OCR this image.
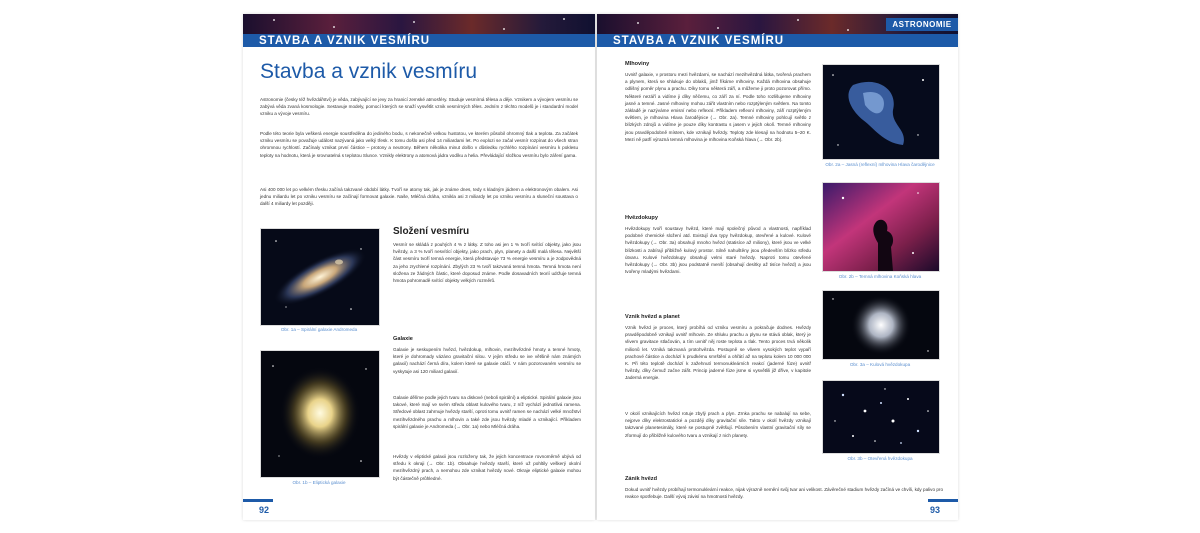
STAVBA A VZNIK VESMÍRU
Stavba a vznik vesmíru

Astronomie (česky též hvězdářství) je věda, zabývající se jevy za hranicí zemské atmosféry. Studuje vesmírná tělesa a děje. Vznikem a vývojem vesmíru se zabývá věda zvaná kosmologie. Sestavuje modely, pomocí kterých se snaží vysvětlit vznik vesmírných těles. Jedním z těchto modelů je i standardní model vzniku a vývoje vesmíru.

Podle této teorie byla veškerá energie soustředěna do jediného bodu, s nekonečně velkou hustotou, ve kterém působil ohromný tlak a teplota. Za začátek vzniku vesmíru se považuje událost nazývaná jako velký třesk. K tomu došlo asi před 14 miliardami let. Po explozi se začal vesmír rozpínat do všech stran ohromnou rychlostí. Začínaly vznikat první částice – protony a neutrony. Během několika minut došlo v důsledku rychlého rozpínání vesmíru k poklesu teploty na hodnotu, která je srovnatelná s teplotou Slunce. Vznikly elektrony a atomová jádra vodíku a helia. Převládající složkou vesmíru bylo záření gama.

Asi 400 000 let po velkém třesku začíná takzvané období látky. Tvoří se atomy tak, jak je známe dnes, tedy s kladným jádrem a elektronovým obalem. Asi jednu miliardu let po vzniku vesmíru se začínají formovat galaxie. Naše, Mléčná dráha, vznikla asi 3 miliardy let po vzniku vesmíru a sluneční soustava o další 4 miliardy let později.

Obr. 1a – Spirální galaxie Andromeda
Obr. 1b – Eliptická galaxie
Složení vesmíru

Vesmír se skládá z pouhých 4 % z látky. Z toho asi jen 1 % tvoří svítící objekty, jako jsou hvězdy, a 3 % tvoří nesvítící objekty, jako prach, plyn, planety a další malá tělesa. Největší část vesmíru tvoří temná energie, která představuje 73 % energie vesmíru a je zodpovědná za jeho zrychlené rozpínání. Zbylých 23 % tvoří takzvaná temná hmota. Temná hmota není složena ze žádných částic, které doposud známe. Podle dosavadních teorií udržuje temná hmota pohromadě svítící objekty velkých rozměrů.

Galaxie

Galaxie je seskupením hvězd, hvězdokup, mlhovin, mezihvězdné hmoty a temné hmoty, které je dohromady vázáno gravitační silou. V jejím středu se ive většině nám známých galaxií) nachází černá díra, kolem které se galaxie otáčí. V nám pozorovaném vesmíru se vyskytuje asi 120 miliard galaxií.

Galaxie dělíme podle jejich tvaru na diskové (neboli spirální) a eliptické. Spirální galaxie jsou takové, které mají ve svém středu oblast kulového tvaru, z níž vychází jednotlivá ramena. Středové oblast zahrnuje hvězdy starší, oproti tomu uvnitř ramen se nachází velké množství mezihvězdného prachu a mlhovin a také zde jsou hvězdy mladé a vznikající. Příkladem spirální galaxie je Andromeda (→ Obr. 1a) nebo Mléčná dráha.

Hvězdy v eliptické galaxii jsou rozloženy tak, že jejich koncentrace rovnoměrně ubývá od středu k okraji (→ Obr. 1b). Obsahuje hvězdy starší, které už pohltily veškerý okolní mezihvězdný prach, a nemohou zde vznikat hvězdy nové. Okraje eliptické galaxie mohou být částečně průhledné.

92
ASTRONOMIE
STAVBA A VZNIK VESMÍRU
Mlhoviny

Uvnitř galaxie, v prostoru mezi hvězdami, se nachází mezihvězdná látka, tvořená prachem a plynem, která se shlukuje do oblaků, jimž říkáme mlhoviny. Každá mlhovina obsahuje odlišný poměr plynu a prachu. Díky tomu některá září, a můžeme ji proto pozorovat přímo. Některé nezáří a vidíme ji díky něčemu, co září za ní. Podle toho rozlišujeme mlhoviny jasné a temné. Jasné mlhoviny mohou zářit vlastním nebo rozptýleným světlem. Na tomto základě je nazýváme emisní nebo reflexní. Příkladem reflexní mlhoviny, září rozptýleným světlem, je mlhovina Hlava čarodějnice (→ Obr. 2a). Temné mlhoviny pohlcují světlo z blízkých zdrojů a vidíme je pouze díky kontrastu s jasem v jejich okolí. Temné mlhoviny jsou pravděpodobně místem, kde vznikají hvězdy. Teploty zde klesají na hodnotu 5–20 K. Mezi ně patří výrazná temná mlhovina je mlhovina Koňská hlava (→ Obr. 2b).

Hvězdokupy

Hvězdokupy tvoří soustavy hvězd, které mají společný původ a vlastnosti, například podobné chemické složení atd. Existují dva typy hvězdokup, otevřené a kulové. Kulové hvězdokupy (→ Obr. 3a) obsahují mnoho hvězd (statisíce až miliony), které jsou ve velké blízkosti a zabírají přibližně kulový prostor. Silně nahuštěny jsou především blízko středu útvaru. Kulové hvězdokupy obsahují velmi staré hvězdy. Naproti tomu otevřené hvězdokupy (→ Obr. 3b) jsou podstatně menší (obsahují desítky až tisíce hvězd) a jsou tvořeny mladými hvězdami.

Vznik hvězd a planet

Vznik hvězd je proces, který probíhá od vzniku vesmíru a pokračuje dodnes. Hvězdy pravděpodobně vznikají uvnitř mlhovin. Ze shluku prachu a plynu se stává oblak, který je vlivem gravitace stlačován, a tím uvnitř něj roste teplota a tlak. Tento proces trvá několik milionů let. Vzniká takzvaná protohvězda. Postupně se vlivem vysokých teplot vypaří prachové částice a dochází k prudkému smrštění a ohřátí až na teplotu kolem 10 000 000 K. Při této teplotě dochází k zažehnutí termonukleárních reakcí (jaderné fúze) uvnitř hvězdy, díky čemuž začne zářit. Princip jaderné fúze jsme si vysvětlili již dříve, v kapitole Jaderná energie.

V okolí vznikajících hvězd rotuje zbylý prach a plyn. Zrnka prachu se nabalují na sebe, nejprve díky elektrostatické a později díky gravitační síle. Takto v okolí hvězdy vznikají takzvané planetesimály, které se postupně zvětšují. Působením vlastní gravitační síly se zformují do přibližně kulového tvaru a vznikají z nich planety.

Zánik hvězd

Dokud uvnitř hvězdy probíhají termonukleární reakce, nijak výrazně nemění svůj tvar ani velikost. Závěrečné stadium hvězdy začíná ve chvíli, kdy palivo pro reakce spotřebuje. Další vývoj závisí na hmotnosti hvězdy.

Obr. 2a – Jasná (reflexní) mlhovina Hlava čarodějnice
Obr. 2b – Temná mlhovina Koňská hlava
Obr. 3a – Kulová hvězdokupa
Obr. 3b – Otevřená hvězdokupa
93
